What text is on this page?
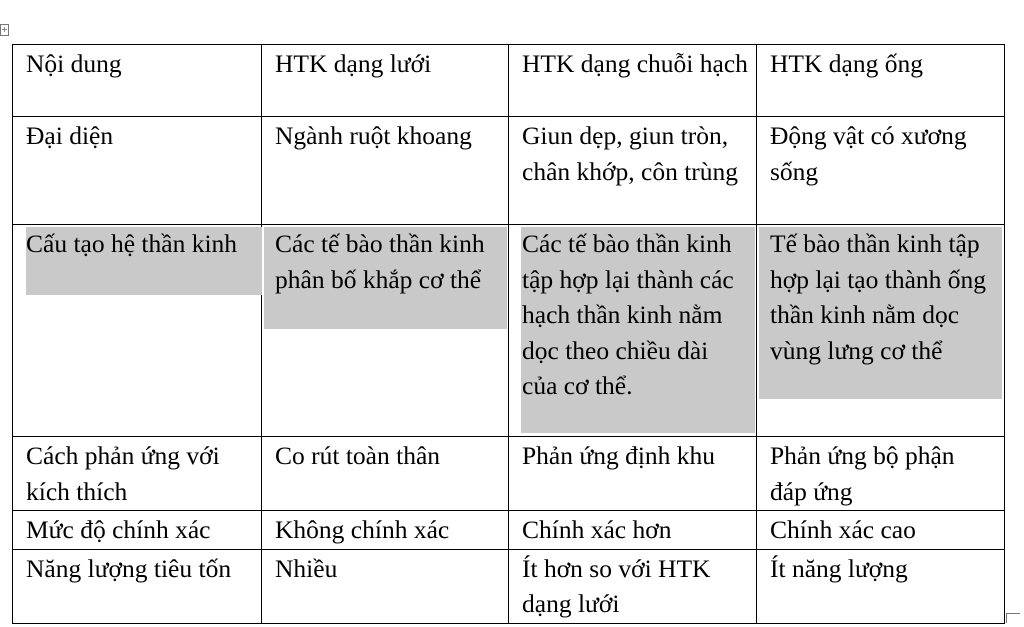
+
Nội dung	HTK dạng lưới	HTK dạng chuỗi hạch	HTK dạng ống
Đại diện	Ngành ruột khoang	Giun dẹp, giun tròn, chân khớp, côn trùng	Động vật có xương sống

Cấu tạo hệ thần kinh	Các tế bào thần kinh phân bố khắp cơ thể	Các tế bào thần kinh tập hợp lại thành các hạch thần kinh nằm dọc theo chiều dài của cơ thể.	Tế bào thần kinh tập hợp lại tạo thành ống thần kinh nằm dọc vùng lưng cơ thể
Cách phản ứng với kích thích	Co rút toàn thân	Phản ứng định khu	Phản ứng bộ phận đáp ứng
Mức độ chính xác	Không chính xác	Chính xác hơn	Chính xác cao
Năng lượng tiêu tốn	Nhiều	Ít hơn so với HTK dạng lưới	Ít năng lượng
